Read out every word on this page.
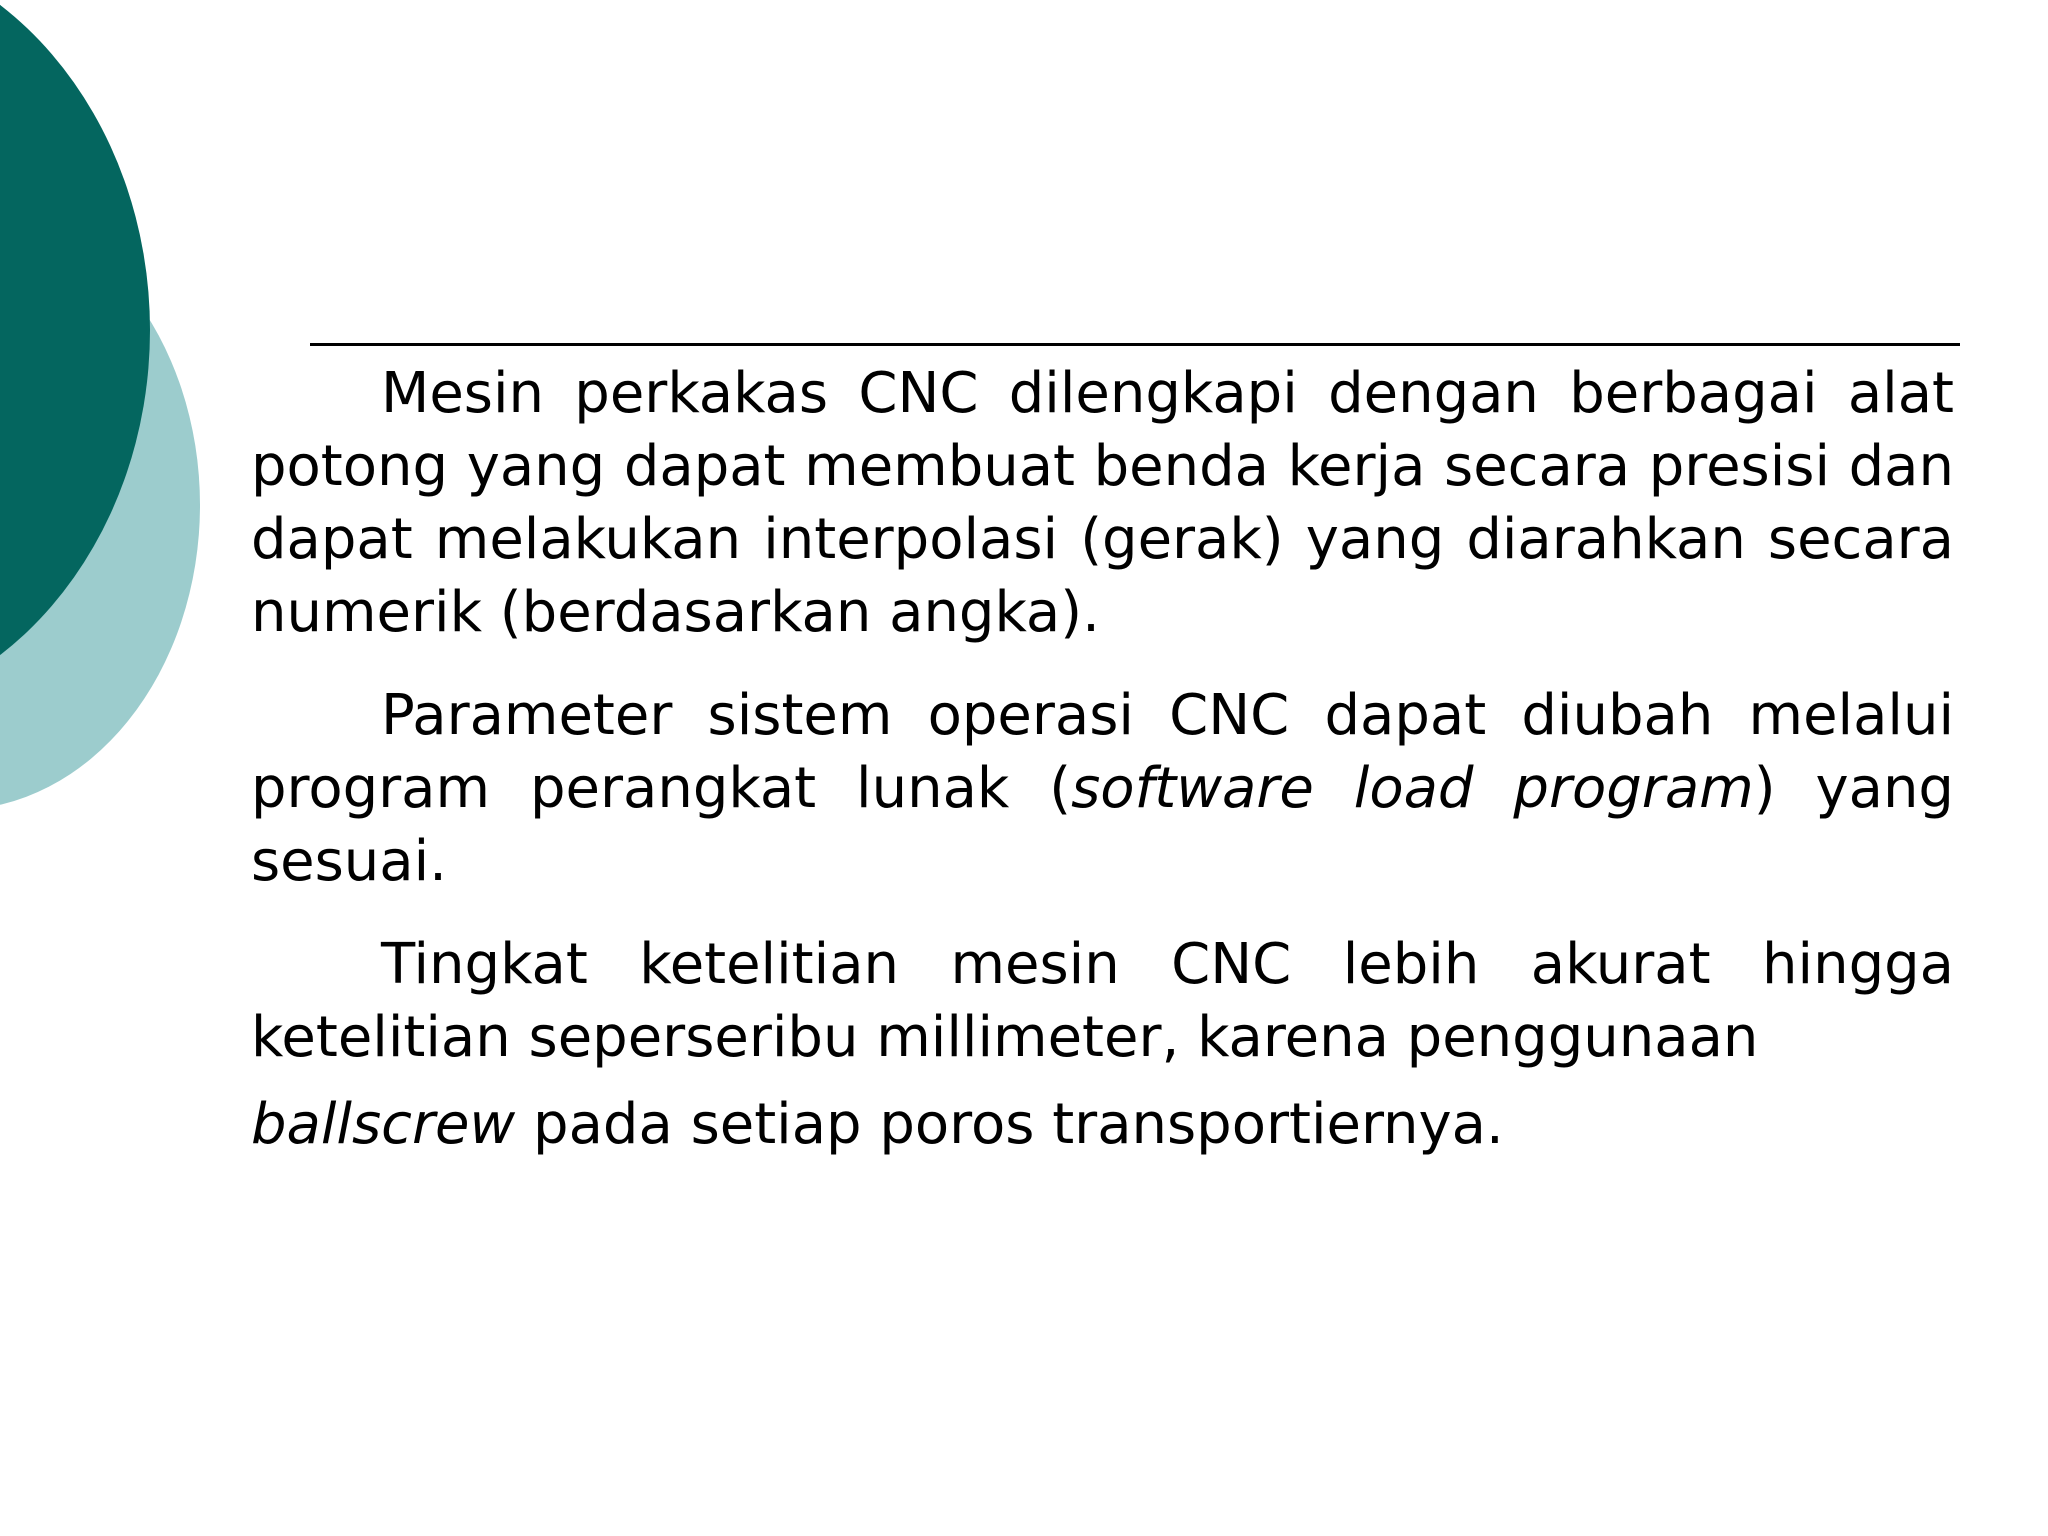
Mesin perkakas CNC dilengkapi dengan berbagai alat potong yang dapat membuat benda kerja secara presisi dan dapat melakukan interpolasi (gerak) yang diarahkan secara numerik (berdasarkan angka).

Parameter sistem operasi CNC dapat diubah melalui program perangkat lunak (software load program) yang sesuai.

Tingkat ketelitian mesin CNC lebih akurat hingga
ketelitian seperseribu millimeter, karena penggunaan
ballscrew pada setiap poros transportiernya.
